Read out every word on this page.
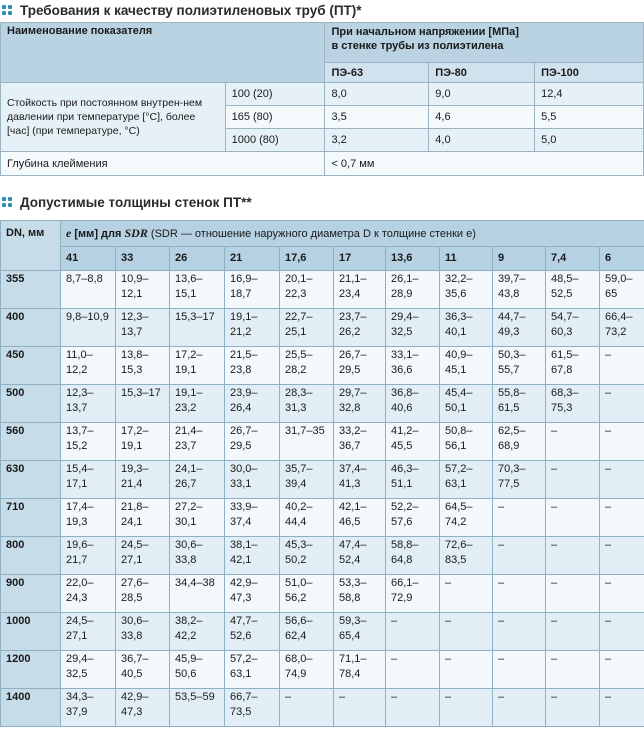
Требования к качеству полиэтиленовых труб (ПТ)*
Наименование показателя		При начальном напряжении [МПа]
в стенке трубы из полиэтилена		

		ПЭ-63	ПЭ-80	ПЭ-100
Стойкость при постоянном внутрен-нем давлении при температуре [°С], более [час] (при температуре, °С)	100 (20)	8,0	9,0	12,4
	165 (80)	3,5	4,6	5,5
	1000 (80)	3,2	4,0	5,0
Глубина клеймения		< 0,7 мм		
Допустимые толщины стенок ПТ**
DN, мм	e [мм] для SDR (SDR — отношение наружного диаметра D к толщине стенки e)										
	41	33	26	21	17,6	17	13,6	11	9	7,4	6
355	8,7–8,8	10,9–12,1	13,6–15,1	16,9–18,7	20,1–22,3	21,1–23,4	26,1–28,9	32,2–35,6	39,7–43,8	48,5–52,5	59,0–65
400	9,8–10,9	12,3–13,7	15,3–17	19,1–21,2	22,7–25,1	23,7–26,2	29,4–32,5	36,3–40,1	44,7–49,3	54,7–60,3	66,4–73,2
450	11,0–12,2	13,8–15,3	17,2–19,1	21,5–23,8	25,5–28,2	26,7–29,5	33,1–36,6	40,9–45,1	50,3–55,7	61,5–67,8	–
500	12,3–13,7	15,3–17	19,1–23,2	23,9–26,4	28,3–31,3	29,7–32,8	36,8–40,6	45,4–50,1	55,8–61,5	68,3–75,3	–
560	13,7–15,2	17,2–19,1	21,4–23,7	26,7–29,5	31,7–35	33,2–36,7	41,2–45,5	50,8–56,1	62,5–68,9	–	–
630	15,4–17,1	19,3–21,4	24,1–26,7	30,0–33,1	35,7–39,4	37,4–41,3	46,3–51,1	57,2–63,1	70,3–77,5	–	–
710	17,4–19,3	21,8–24,1	27,2–30,1	33,9–37,4	40,2–44,4	42,1–46,5	52,2–57,6	64,5–74,2	–	–	–
800	19,6–21,7	24,5–27,1	30,6–33,8	38,1–42,1	45,3–50,2	47,4–52,4	58,8–64,8	72,6–83,5	–	–	–
900	22,0–24,3	27,6–28,5	34,4–38	42,9–47,3	51,0–56,2	53,3–58,8	66,1–72,9	–	–	–	–
1000	24,5–27,1	30,6–33,8	38,2–42,2	47,7–52,6	56,6–62,4	59,3–65,4	–	–	–	–	–
1200	29,4–32,5	36,7–40,5	45,9–50,6	57,2–63,1	68,0–74,9	71,1–78,4	–	–	–	–	–
1400	34,3–37,9	42,9–47,3	53,5–59	66,7–73,5	–	–	–	–	–	–	–
